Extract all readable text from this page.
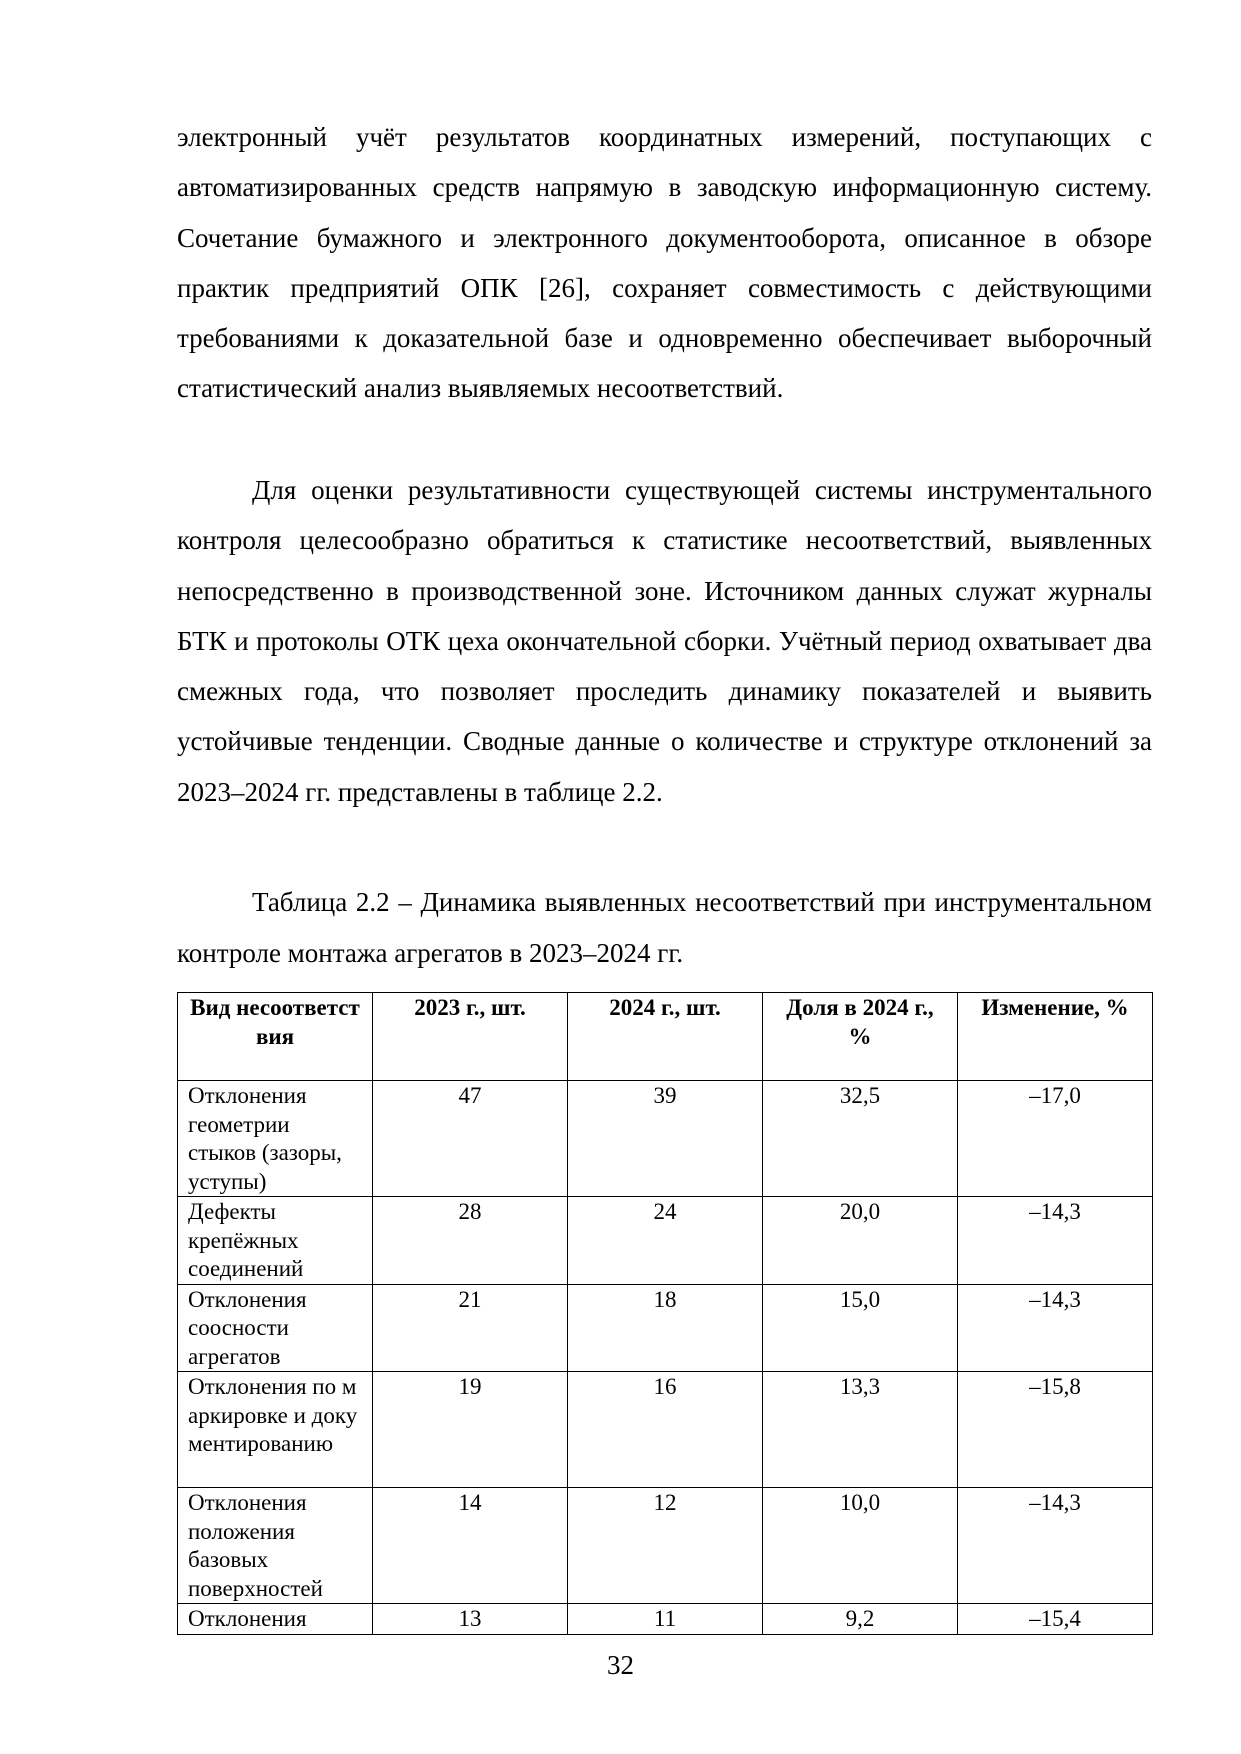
электронный учёт результатов координатных измерений, поступающих с автоматизированных средств напрямую в заводскую информационную систему. Сочетание бумажного и электронного документооборота, описанное в обзоре практик предприятий ОПК [26], сохраняет совместимость с действующими требованиями к доказательной базе и одновременно обеспечивает выборочный статистический анализ выявляемых несоответствий.

Для оценки результативности существующей системы инструментального контроля целесообразно обратиться к статистике несоответствий, выявленных непосредственно в производственной зоне. Источником данных служат журналы БТК и протоколы ОТК цеха окончательной сборки. Учётный период охватывает два смежных года, что позволяет проследить динамику показателей и выявить устойчивые тенденции. Сводные данные о количестве и структуре отклонений за 2023–2024 гг. представлены в таблице 2.2.

Таблица 2.2 – Динамика выявленных несоответствий при инструментальном контроле монтажа агрегатов в 2023–2024 гг.

Вид несоответствия	2023 г., шт.	2024 г., шт.	Доля в 2024 г., %	Изменение, %
Отклонения геометрии стыков (зазоры, уступы)	47	39	32,5	–17,0
Дефекты крепёжных соединений	28	24	20,0	–14,3
Отклонения соосности агрегатов	21	18	15,0	–14,3
Отклонения по маркировке и документированию	19	16	13,3	–15,8
Отклонения положения базовых поверхностей	14	12	10,0	–14,3
Отклонения	13	11	9,2	–15,4
32
